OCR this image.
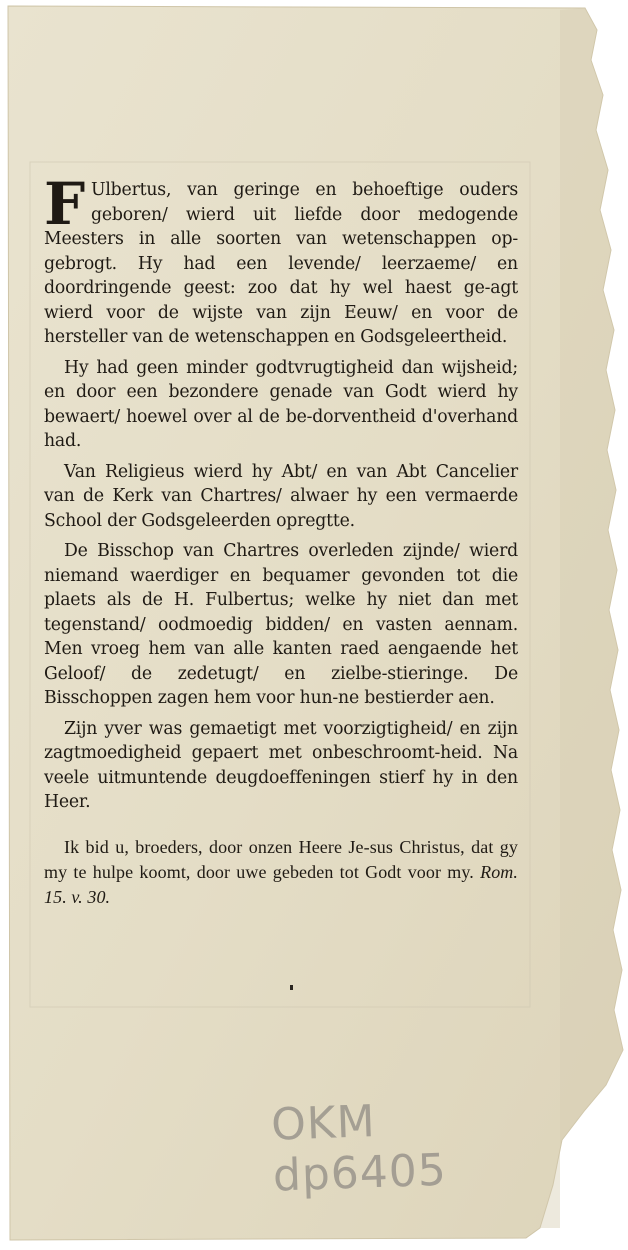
F Ulbertus, van geringe en behoeftige ouders geboren/ wierd uit liefde door medogende Meesters in alle soorten van wetenschappen op-gebrogt. Hy had een levende/ leerzaeme/ en doordringende geest: zoo dat hy wel haest ge-agt wierd voor de wijste van zijn Eeuw/ en voor de hersteller van de wetenschappen en Godsgeleertheid.

Hy had geen minder godtvrugtigheid dan wijsheid; en door een bezondere genade van Godt wierd hy bewaert/ hoewel over al de be-dorventheid d'overhand had.

Van Religieus wierd hy Abt/ en van Abt Cancelier van de Kerk van Chartres/ alwaer hy een vermaerde School der Godsgeleerden opregtte.

De Bisschop van Chartres overleden zijnde/ wierd niemand waerdiger en bequamer gevonden tot die plaets als de H. Fulbertus; welke hy niet dan met tegenstand/ oodmoedig bidden/ en vasten aennam. Men vroeg hem van alle kanten raed aengaende het Geloof/ de zedetugt/ en zielbe-stieringe. De Bisschoppen zagen hem voor hun-ne bestierder aen.

Zijn yver was gemaetigt met voorzigtigheid/ en zijn zagtmoedigheid gepaert met onbeschroomt-heid. Na veele uitmuntende deugdoeffeningen stierf hy in den Heer.

Ik bid u, broeders, door onzen Heere Je-sus Christus, dat gy my te hulpe koomt, door uwe gebeden tot Godt voor my. Rom. 15. v. 30.

OKM dp6405
